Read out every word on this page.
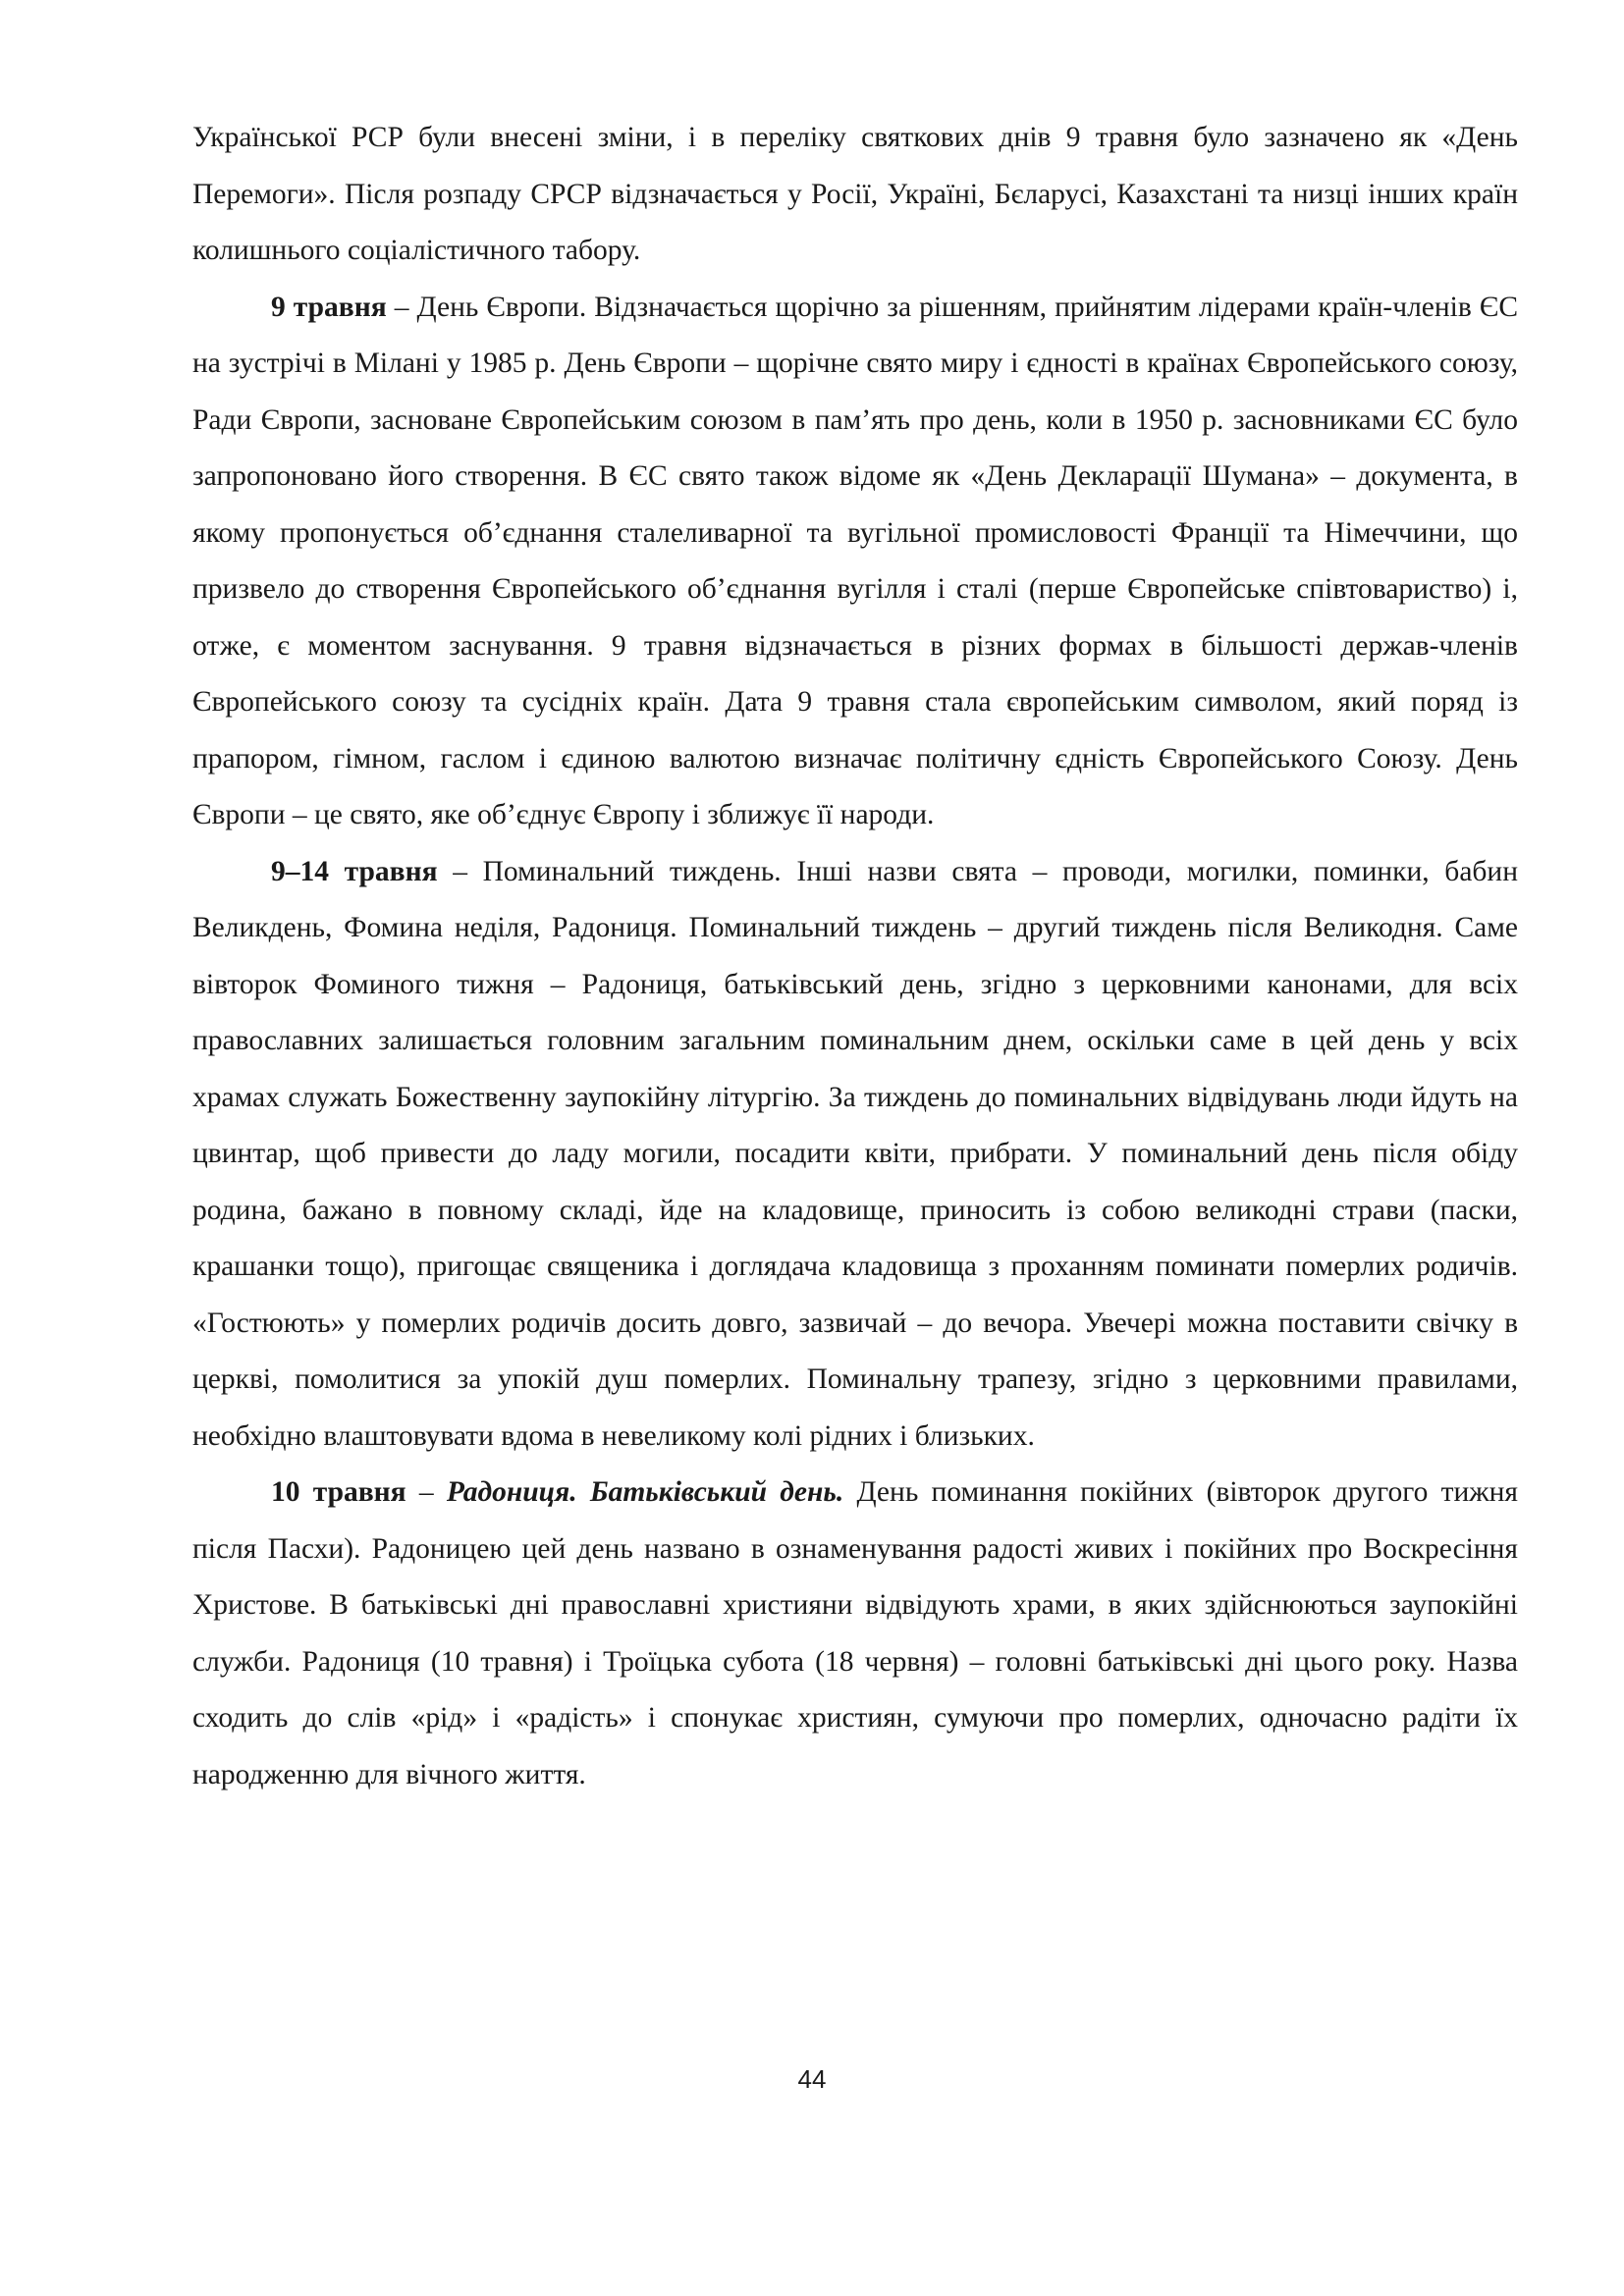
Української РСР були внесені зміни, і в переліку святкових днів 9 травня було зазначено як «День Перемоги». Після розпаду СРСР відзначається у Росії, Україні, Бєларусі, Казахстані та низці інших країн колишнього соціалістичного табору.

9 травня – День Європи. Відзначається щорічно за рішенням, прийнятим лідерами країн-членів ЄС на зустрічі в Мілані у 1985 р. День Європи – щорічне свято миру і єдності в країнах Європейського союзу, Ради Європи, засноване Європейським союзом в пам’ять про день, коли в 1950 р. засновниками ЄС було запропоновано його створення. В ЄС свято також відоме як «День Декларації Шумана» – документа, в якому пропонується об’єднання сталеливарної та вугільної промисловості Франції та Німеччини, що призвело до створення Європейського об’єднання вугілля і сталі (перше Європейське співтовариство) і, отже, є моментом заснування. 9 травня відзначається в різних формах в більшості держав-членів Європейського союзу та сусідніх країн. Дата 9 травня стала європейським символом, який поряд із прапором, гімном, гаслом і єдиною валютою визначає політичну єдність Європейського Союзу. День Європи – це свято, яке об’єднує Європу і зближує її народи.

9–14 травня – Поминальний тиждень. Інші назви свята – проводи, могилки, поминки, бабин Великдень, Фомина неділя, Радониця. Поминальний тиждень – другий тиждень після Великодня. Саме вівторок Фоминого тижня – Радониця, батьківський день, згідно з церковними канонами, для всіх православних залишається головним загальним поминальним днем, оскільки саме в цей день у всіх храмах служать Божественну заупокійну літургію. За тиждень до поминальних відвідувань люди йдуть на цвинтар, щоб привести до ладу могили, посадити квіти, прибрати. У поминальний день після обіду родина, бажано в повному складі, йде на кладовище, приносить із собою великодні страви (паски, крашанки тощо), пригощає священика і доглядача кладовища з проханням поминати померлих родичів. «Гостюють» у померлих родичів досить довго, зазвичай – до вечора. Увечері можна поставити свічку в церкві, помолитися за упокій душ померлих. Поминальну трапезу, згідно з церковними правилами, необхідно влаштовувати вдома в невеликому колі рідних і близьких.

10 травня – Радониця. Батьківський день. День поминання покійних (вівторок другого тижня після Пасхи). Радоницею цей день названо в ознаменування радості живих і покійних про Воскресіння Христове. В батьківські дні православні християни відвідують храми, в яких здійснюються заупокійні служби. Радониця (10 травня) і Троїцька субота (18 червня) – головні батьківські дні цього року. Назва сходить до слів «рід» і «радість» і спонукає християн, сумуючи про померлих, одночасно радіти їх народженню для вічного життя.

44
